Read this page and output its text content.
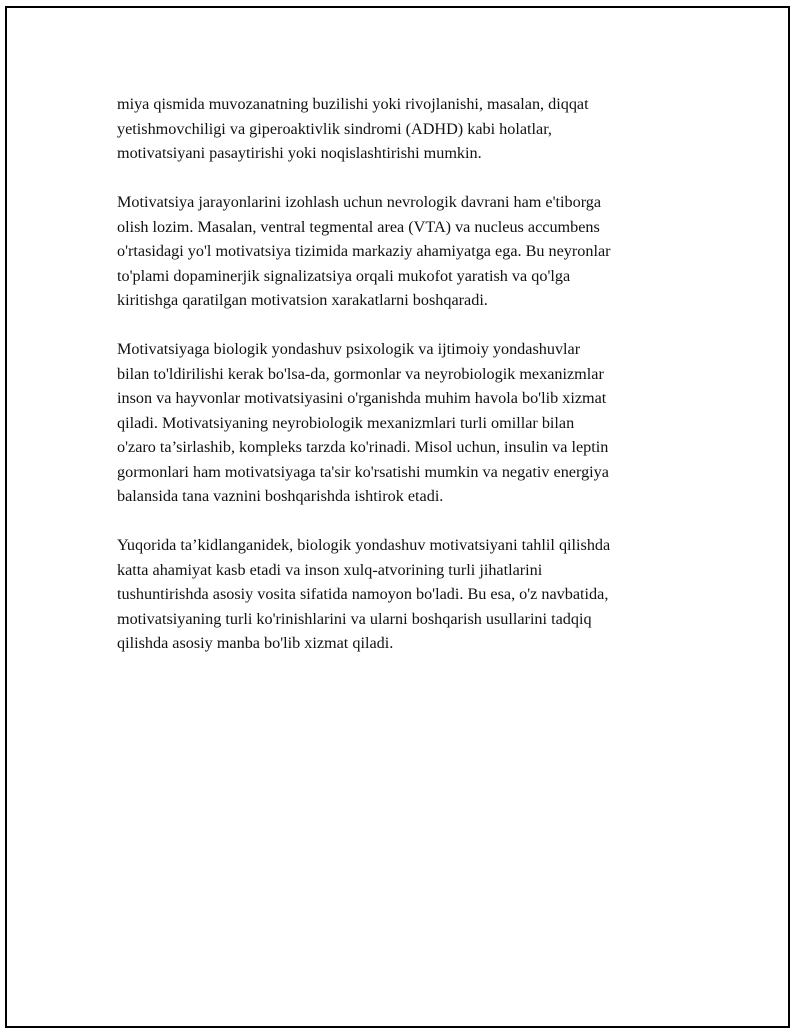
miya qismida muvozanatning buzilishi yoki rivojlanishi, masalan, diqqat
yetishmovchiligi va giperoaktivlik sindromi (ADHD) kabi holatlar,
motivatsiyani pasaytirishi yoki noqislashtirishi mumkin.

Motivatsiya jarayonlarini izohlash uchun nevrologik davrani ham e'tiborga
olish lozim. Masalan, ventral tegmental area (VTA) va nucleus accumbens
o'rtasidagi yo'l motivatsiya tizimida markaziy ahamiyatga ega. Bu neyronlar
to'plami dopaminerjik signalizatsiya orqali mukofot yaratish va qo'lga
kiritishga qaratilgan motivatsion xarakatlarni boshqaradi.

Motivatsiyaga biologik yondashuv psixologik va ijtimoiy yondashuvlar
bilan to'ldirilishi kerak bo'lsa-da, gormonlar va neyrobiologik mexanizmlar
inson va hayvonlar motivatsiyasini o'rganishda muhim havola bo'lib xizmat
qiladi. Motivatsiyaning neyrobiologik mexanizmlari turli omillar bilan
o'zaro ta’sirlashib, kompleks tarzda ko'rinadi. Misol uchun, insulin va leptin
gormonlari ham motivatsiyaga ta'sir ko'rsatishi mumkin va negativ energiya
balansida tana vaznini boshqarishda ishtirok etadi.

Yuqorida ta’kidlanganidek, biologik yondashuv motivatsiyani tahlil qilishda
katta ahamiyat kasb etadi va inson xulq-atvorining turli jihatlarini
tushuntirishda asosiy vosita sifatida namoyon bo'ladi. Bu esa, o'z navbatida,
motivatsiyaning turli ko'rinishlarini va ularni boshqarish usullarini tadqiq
qilishda asosiy manba bo'lib xizmat qiladi.
